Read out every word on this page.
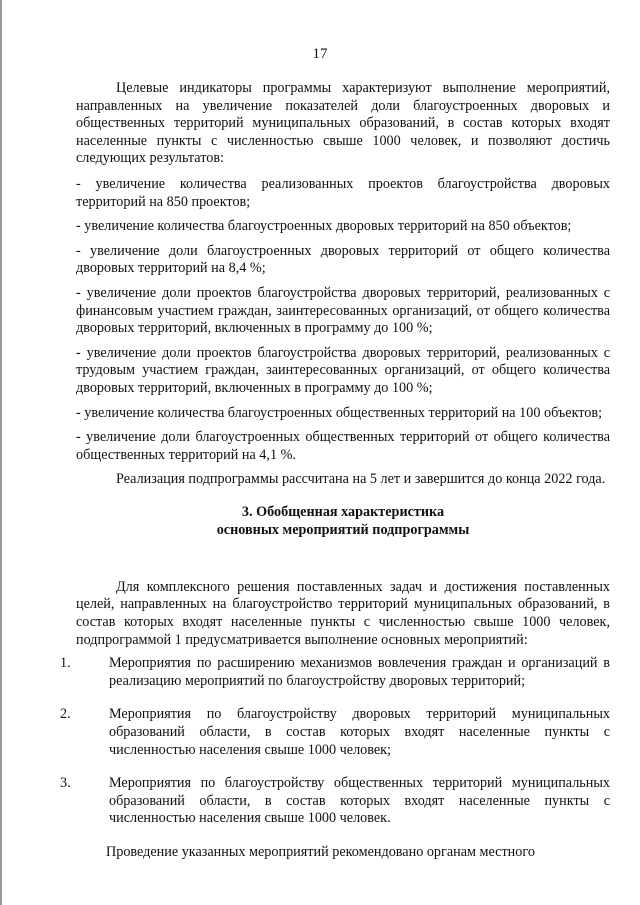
17

Целевые индикаторы программы характеризуют выполнение мероприятий, направленных на увеличение показателей доли благоустроенных дворовых и общественных территорий муниципальных образований, в состав которых входят населенные пункты с численностью свыше 1000 человек, и позволяют достичь следующих результатов:

- увеличение количества реализованных проектов благоустройства дворовых территорий на 850 проектов;

- увеличение количества благоустроенных дворовых территорий на 850 объектов;

- увеличение доли благоустроенных дворовых территорий от общего количества дворовых территорий на 8,4 %;

- увеличение доли проектов благоустройства дворовых территорий, реализованных с финансовым участием граждан, заинтересованных организаций, от общего количества дворовых территорий, включенных в программу до 100 %;

- увеличение доли проектов благоустройства дворовых территорий, реализованных с трудовым участием граждан, заинтересованных организаций, от общего количества дворовых территорий, включенных в программу до 100 %;

- увеличение количества благоустроенных общественных территорий на 100 объектов;

- увеличение доли благоустроенных общественных территорий от общего количества общественных территорий на 4,1 %.

Реализация подпрограммы рассчитана на 5 лет и завершится до конца 2022 года.

3. Обобщенная характеристика
основных мероприятий подпрограммы

Для комплексного решения поставленных задач и достижения поставленных целей, направленных на благоустройство территорий муниципальных образований, в состав которых входят населенные пункты с численностью свыше 1000 человек, подпрограммой 1 предусматривается выполнение основных мероприятий:

1.	Мероприятия по расширению механизмов вовлечения граждан и организаций в реализацию мероприятий по благоустройству дворовых территорий;
2.	Мероприятия по благоустройству дворовых территорий муниципальных образований области, в состав которых входят населенные пункты с численностью населения свыше 1000 человек;
3.	Мероприятия по благоустройству общественных территорий муниципальных образований области, в состав которых входят населенные пункты с численностью населения свыше 1000 человек.

Проведение указанных мероприятий рекомендовано органам местного
